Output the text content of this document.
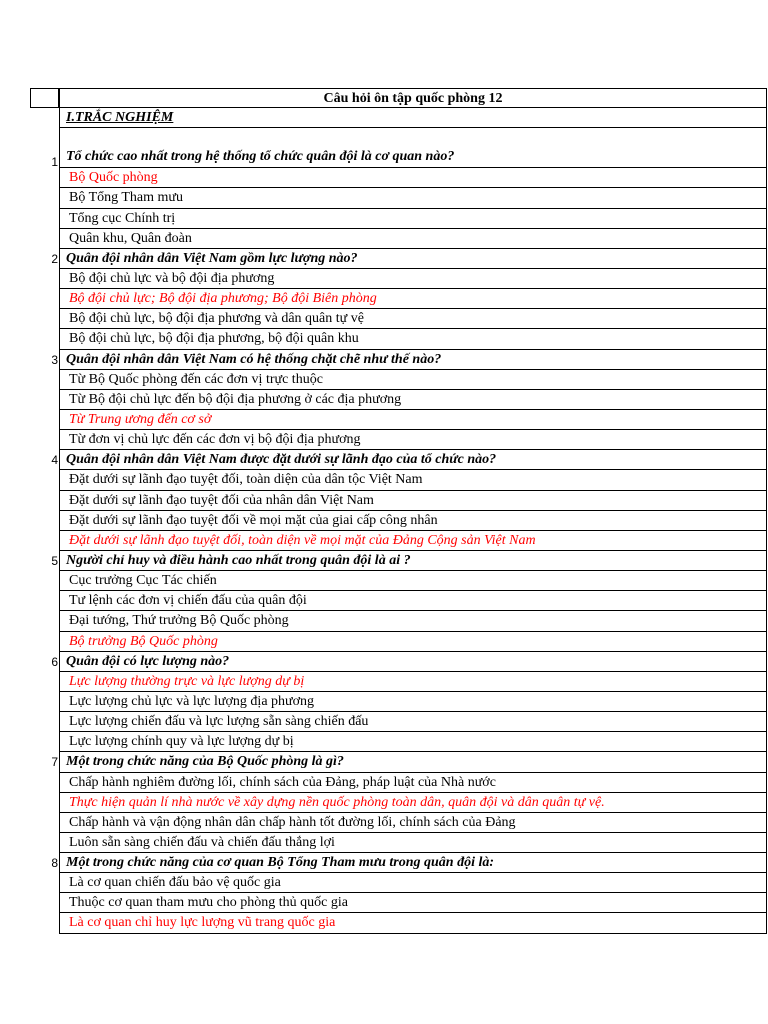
Câu hỏi ôn tập quốc phòng 12
I.TRẮC NGHIỆM
1 Tổ chức cao nhất trong hệ thống tổ chức quân đội là cơ quan nào?
Bộ Quốc phòng
Bộ Tổng Tham mưu
Tổng cục Chính trị
Quân khu, Quân đoàn
2 Quân đội nhân dân Việt Nam gồm lực lượng nào?
Bộ đội chủ lực và bộ đội địa phương
Bộ đội chủ lực; Bộ đội địa phương; Bộ đội Biên phòng
Bộ đội chủ lực, bộ đội địa phương và dân quân tự vệ
Bộ đội chủ lực, bộ đội địa phương, bộ đội quân khu
3 Quân đội nhân dân Việt Nam có hệ thống chặt chẽ như thế nào?
Từ Bộ Quốc phòng đến các đơn vị trực thuộc
Từ Bộ đội chủ lực đến bộ đội địa phương ở các địa phương
Từ Trung ương đến cơ sở
Từ đơn vị chủ lực đến các đơn vị bộ đội địa phương
4 Quân đội nhân dân Việt Nam được đặt dưới sự lãnh đạo của tổ chức nào?
Đặt dưới sự lãnh đạo tuyệt đối, toàn diện của dân tộc Việt Nam
Đặt dưới sự lãnh đạo tuyệt đối của nhân dân Việt Nam
Đặt dưới sự lãnh đạo tuyệt đối về mọi mặt của giai cấp công nhân
Đặt dưới sự lãnh đạo tuyệt đối, toàn diện về mọi mặt của Đảng Cộng sản Việt Nam
5 Người chỉ huy và điều hành cao nhất trong quân đội là ai ?
Cục trưởng Cục Tác chiến
Tư lệnh các đơn vị chiến đấu của quân đội
Đại tướng, Thứ trưởng Bộ Quốc phòng
Bộ trưởng Bộ Quốc phòng
6 Quân đội có lực lượng nào?
Lực lượng thường trực và lực lượng dự bị
Lực lượng chủ lực và lực lượng địa phương
Lực lượng chiến đấu và lực lượng sẵn sàng chiến đấu
Lực lượng chính quy và lực lượng dự bị
7 Một trong chức năng của Bộ Quốc phòng là gì?
Chấp hành nghiêm đường lối, chính sách của Đảng, pháp luật của Nhà nước
Thực hiện quản lí nhà nước về xây dựng nền quốc phòng toàn dân, quân đội và dân quân tự vệ.
Chấp hành và vận động nhân dân chấp hành tốt đường lối, chính sách của Đảng
Luôn sẵn sàng chiến đấu và chiến đấu thắng lợi
8 Một trong chức năng của cơ quan Bộ Tổng Tham mưu trong quân đội là:
Là cơ quan chiến đấu bảo vệ quốc gia
Thuộc cơ quan tham mưu cho phòng thủ quốc gia
Là cơ quan chỉ huy lực lượng vũ trang quốc gia
